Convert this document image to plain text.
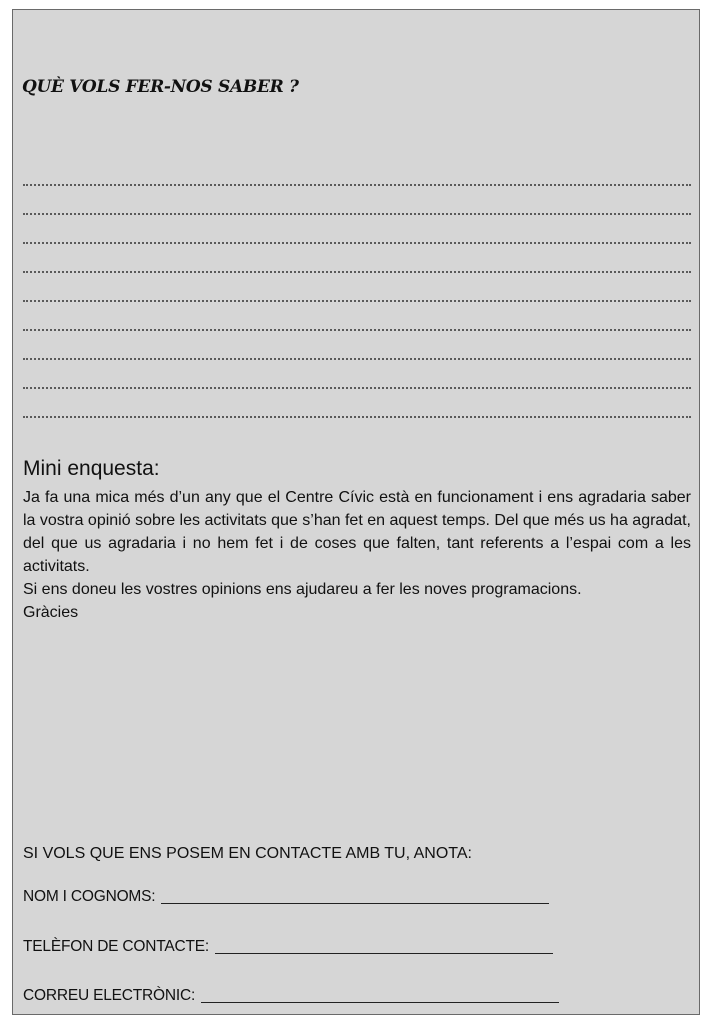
QUÈ VOLS FER-NOS SABER ?
Mini enquesta:

Ja fa una mica més d’un any que el Centre Cívic està en funcionament i ens agradaria saber la vostra opinió sobre les activitats que s’han fet en aquest temps. Del que més us ha agradat, del que us agradaria i no hem fet i de coses que falten, tant referents a l’espai com a les activitats.

Si ens doneu les vostres opinions ens ajudareu a fer les noves programacions.

Gràcies

SI VOLS QUE ENS POSEM EN CONTACTE AMB TU, ANOTA:
NOM I COGNOMS:
TELÈFON DE CONTACTE:
CORREU ELECTRÒNIC:
